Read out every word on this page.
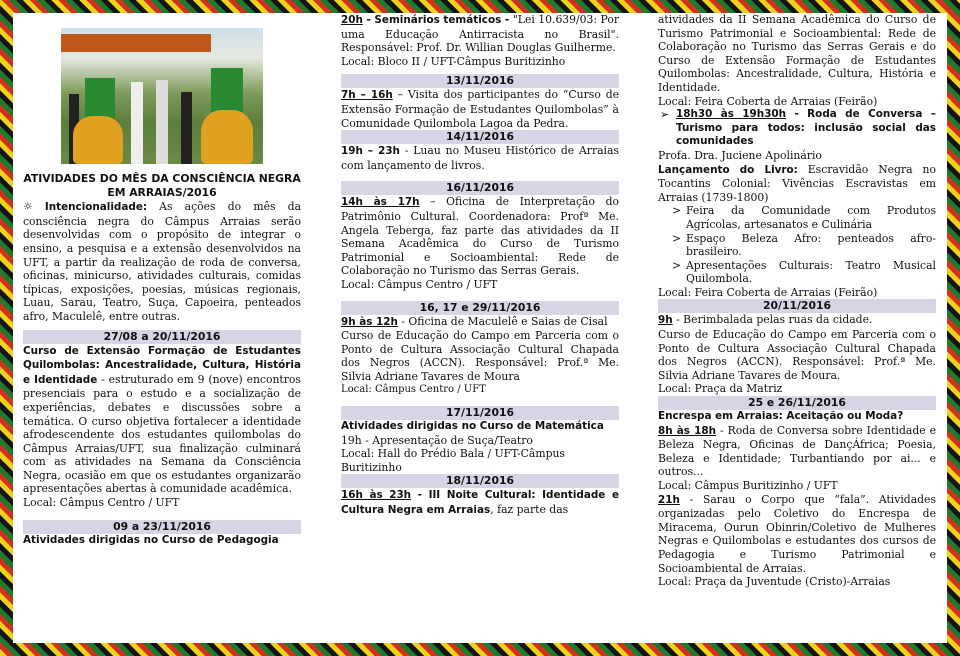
ATIVIDADES DO MÊS DA CONSCIÊNCIA NEGRA EM ARRAIAS/2016

☼ Intencionalidade: As ações do mês da consciência negra do Câmpus Arraias serão desenvolvidas com o propósito de integrar o ensino, a pesquisa e a extensão desenvolvidos na UFT, a partir da realização de roda de conversa, oficinas, minicurso, atividades culturais, comidas típicas, exposições, poesias, músicas regionais, Luau, Sarau, Teatro, Suça, Capoeira, penteados afro, Maculelê, entre outras.

27/08 a 20/11/2016

Curso de Extensão Formação de Estudantes Quilombolas: Ancestralidade, Cultura, História e Identidade - estruturado em 9 (nove) encontros presenciais para o estudo e a socialização de experiências, debates e discussões sobre a temática. O curso objetiva fortalecer a identidade afrodescendente dos estudantes quilombolas do Câmpus Arraias/UFT, sua finalização culminará com as atividades na Semana da Consciência Negra, ocasião em que os estudantes organizarão apresentações abertas à comunidade acadêmica.

Local: Câmpus Centro / UFT

09 a 23/11/2016

Atividades dirigidas no Curso de Pedagogia

20h - Seminários temáticos - "Lei 10.639/03: Por uma Educação Antirracista no Brasil". Responsável: Prof. Dr. Willian Douglas Guilherme.

Local: Bloco II / UFT-Câmpus Buritizinho

13/11/2016

7h – 16h – Visita dos participantes do “Curso de Extensão Formação de Estudantes Quilombolas” à Comunidade Quilombola Lagoa da Pedra.

14/11/2016

19h – 23h - Luau no Museu Histórico de Arraias com lançamento de livros.

16/11/2016

14h às 17h – Oficina de Interpretação do Patrimônio Cultural. Coordenadora: Profª Me. Angela Teberga, faz parte das atividades da II Semana Acadêmica do Curso de Turismo Patrimonial e Socioambiental: Rede de Colaboração no Turismo das Serras Gerais.

Local: Câmpus Centro / UFT

16, 17 e 29/11/2016

9h às 12h - Oficina de Maculelê e Saias de Cisal

Curso de Educação do Campo em Parceria com o Ponto de Cultura Associação Cultural Chapada dos Negros (ACCN). Responsável: Prof.ª Me. Silvia Adriane Tavares de Moura

Local: Câmpus Centro / UFT

17/11/2016

Atividades dirigidas no Curso de Matemática

19h - Apresentação de Suça/Teatro

Local: Hall do Prédio Bala / UFT-Câmpus Buritizinho

18/11/2016

16h às 23h - III Noite Cultural: Identidade e Cultura Negra em Arraias, faz parte das

atividades da II Semana Acadêmica do Curso de Turismo Patrimonial e Socioambiental: Rede de Colaboração no Turismo das Serras Gerais e do Curso de Extensão Formação de Estudantes Quilombolas: Ancestralidade, Cultura, História e Identidade.

Local: Feira Coberta de Arraias (Feirão)

➢ 18h30 às 19h30h - Roda de Conversa – Turismo para todos: inclusão social das comunidades

Profa. Dra. Juciene Apolinário

Lançamento do Livro: Escravidão Negra no Tocantins Colonial: Vivências Escravistas em Arraias (1739-1800)

> Feira da Comunidade com Produtos Agrícolas, artesanatos e Culinária

> Espaço Beleza Afro: penteados afro-brasileiro.

> Apresentações Culturais: Teatro Musical Quilombola.

Local: Feira Coberta de Arraias (Feirão)

20/11/2016

9h - Berimbalada pelas ruas da cidade.

Curso de Educação do Campo em Parceria com o Ponto de Cultura Associação Cultural Chapada dos Negros (ACCN). Responsável: Prof.ª Me. Silvia Adriane Tavares de Moura.

Local: Praça da Matriz

25 e 26/11/2016

Encrespa em Arraias: Aceitação ou Moda?

8h às 18h - Roda de Conversa sobre Identidade e Beleza Negra, Oficinas de DançÁfrica; Poesia, Beleza e Identidade; Turbantiando por ai... e outros...

Local: Câmpus Buritizinho / UFT

21h - Sarau o Corpo que “fala”. Atividades organizadas pelo Coletivo do Encrespa de Miracema, Ourun Obinrin/Coletivo de Mulheres Negras e Quilombolas e estudantes dos cursos de Pedagogia e Turismo Patrimonial e Socioambiental de Arraias.

Local: Praça da Juventude (Cristo)-Arraias
